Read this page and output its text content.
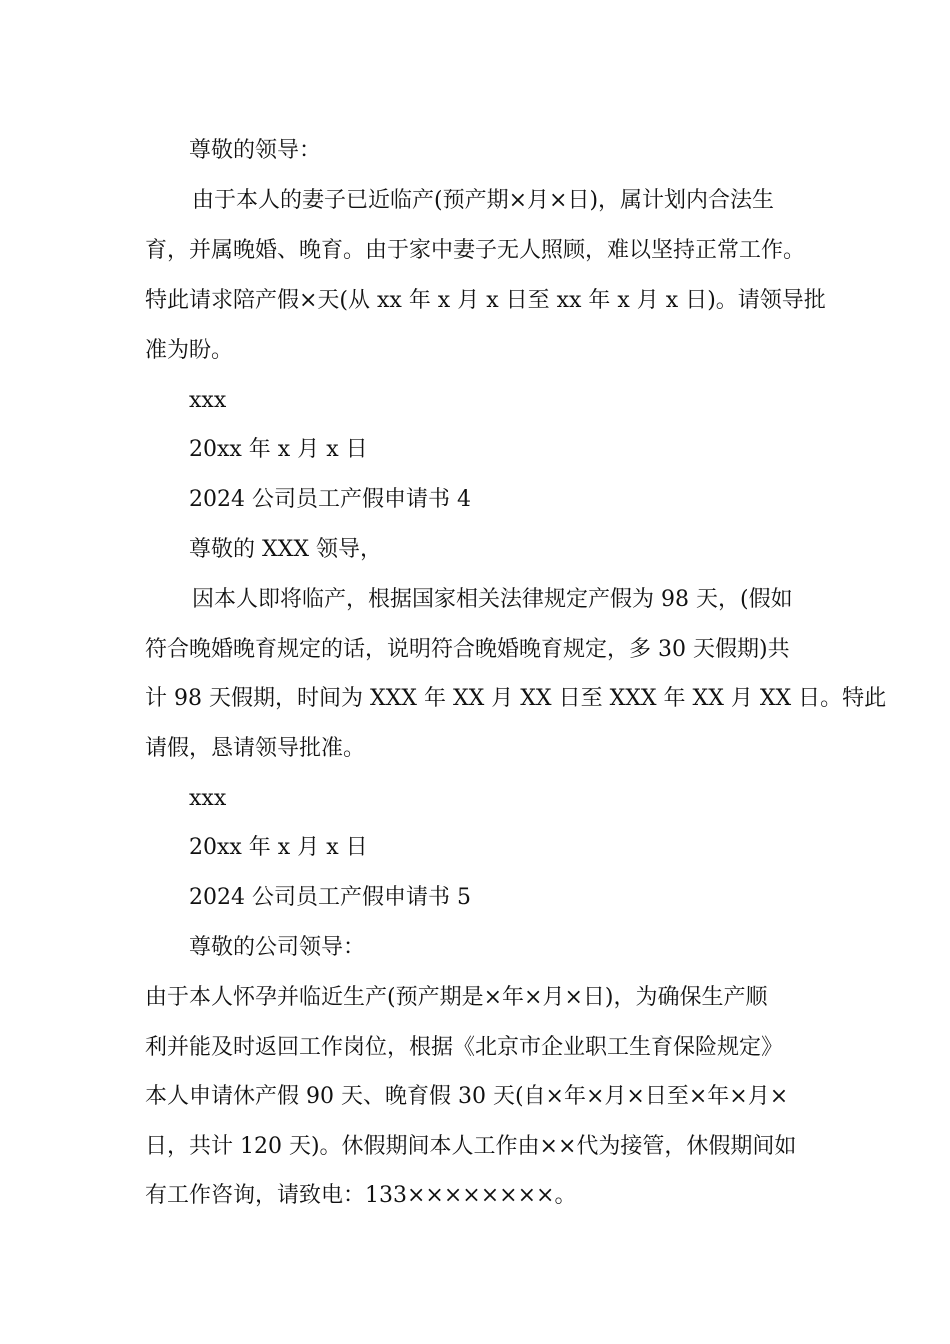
尊敬的领导：
由于本人的妻子已近临产(预产期×月×日)，属计划内合法生
育，并属晚婚、晚育。由于家中妻子无人照顾，难以坚持正常工作。
特此请求陪产假×天(从 xx 年 x 月 x 日至 xx 年 x 月 x 日)。请领导批
准为盼。
xxx
20xx 年 x 月 x 日
2024 公司员工产假申请书 4
尊敬的 XXX 领导，
因本人即将临产，根据国家相关法律规定产假为 98 天，(假如
符合晚婚晚育规定的话，说明符合晚婚晚育规定，多 30 天假期)共
计 98 天假期，时间为 XXX 年 XX 月 XX 日至 XXX 年 XX 月 XX 日。特此
请假，恳请领导批准。
xxx
20xx 年 x 月 x 日
2024 公司员工产假申请书 5
尊敬的公司领导：
由于本人怀孕并临近生产(预产期是×年×月×日)，为确保生产顺
利并能及时返回工作岗位，根据《北京市企业职工生育保险规定》
本人申请休产假 90 天、晚育假 30 天(自×年×月×日至×年×月×
日，共计 120 天)。休假期间本人工作由××代为接管，休假期间如
有工作咨询，请致电：133××××××××。
